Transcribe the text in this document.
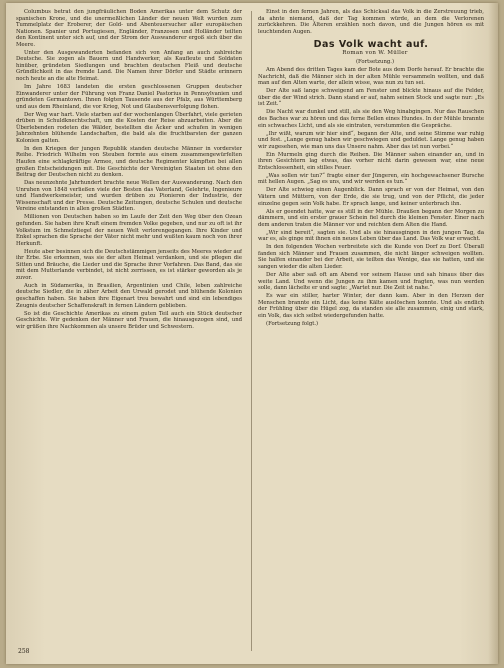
Columbus betrat den jungfräulichen Boden Amerikas unter dem Schutz der spanischen Krone, und die unermeßlichen Länder der neuen Welt wurden zum Tummelplatz der Eroberer, der Gold- und Abenteuersucher aller europäischen Nationen. Spanier und Portugiesen, Engländer, Franzosen und Holländer teilten den Kontinent unter sich auf, und der Strom der Auswanderer ergoß sich über die Meere.

Unter den Ausgewanderten befanden sich von Anfang an auch zahlreiche Deutsche. Sie zogen als Bauern und Handwerker, als Kaufleute und Soldaten hinüber, gründeten Siedlungen und brachten deutschen Fleiß und deutsche Gründlichkeit in das fremde Land. Die Namen ihrer Dörfer und Städte erinnern noch heute an die alte Heimat.

Im Jahre 1683 landeten die ersten geschlossenen Gruppen deutscher Einwanderer unter der Führung von Franz Daniel Pastorius in Pennsylvanien und gründeten Germantown. Ihnen folgten Tausende aus der Pfalz, aus Württemberg und aus dem Rheinland, die vor Krieg, Not und Glaubensverfolgung flohen.

Der Weg war hart. Viele starben auf der wochenlangen Überfahrt, viele gerieten drüben in Schuldknechtschaft, um die Kosten der Reise abzuarbeiten. Aber die Überlebenden rodeten die Wälder, bestellten die Äcker und schufen in wenigen Jahrzehnten blühende Landschaften, die bald als die fruchtbarsten der ganzen Kolonien galten.

In den Kriegen der jungen Republik standen deutsche Männer in vorderster Reihe. Friedrich Wilhelm von Steuben formte aus einem zusammengewürfelten Haufen eine schlagkräftige Armee, und deutsche Regimenter kämpften bei allen großen Entscheidungen mit. Die Geschichte der Vereinigten Staaten ist ohne den Beitrag der Deutschen nicht zu denken.

Das neunzehnte Jahrhundert brachte neue Wellen der Auswanderung. Nach den Unruhen von 1848 verließen viele der Besten das Vaterland, Gelehrte, Ingenieure und Handwerksmeister, und wurden drüben zu Pionieren der Industrie, der Wissenschaft und der Presse. Deutsche Zeitungen, deutsche Schulen und deutsche Vereine entstanden in allen großen Städten.

Millionen von Deutschen haben so im Laufe der Zeit den Weg über den Ozean gefunden. Sie haben ihre Kraft einem fremden Volke gegeben, und nur zu oft ist ihr Volkstum im Schmelztiegel der neuen Welt verlorengegangen. Ihre Kinder und Enkel sprachen die Sprache der Väter nicht mehr und wußten kaum noch von ihrer Herkunft.

Heute aber besinnen sich die Deutschstämmigen jenseits des Meeres wieder auf ihr Erbe. Sie erkennen, was sie der alten Heimat verdanken, und sie pflegen die Sitten und Bräuche, die Lieder und die Sprache ihrer Vorfahren. Das Band, das sie mit dem Mutterlande verbindet, ist nicht zerrissen, es ist stärker geworden als je zuvor.

Auch in Südamerika, in Brasilien, Argentinien und Chile, leben zahlreiche deutsche Siedler, die in zäher Arbeit den Urwald gerodet und blühende Kolonien geschaffen haben. Sie haben ihre Eigenart treu bewahrt und sind ein lebendiges Zeugnis deutscher Schaffenskraft in fernen Ländern geblieben.

So ist die Geschichte Amerikas zu einem guten Teil auch ein Stück deutscher Geschichte. Wir gedenken der Männer und Frauen, die hinausgezogen sind, und wir grüßen ihre Nachkommen als unsere Brüder und Schwestern.

Einst in den fernen Jahren, als das Schicksal das Volk in die Zerstreuung trieb, da ahnte niemand, daß der Tag kommen würde, an dem die Verlorenen zurückkehren. Die Älteren erzählen noch davon, und die Jungen hören es mit leuchtenden Augen.

Das Volk wacht auf.

Roman von W. Müller

(Fortsetzung.)

Am Abend des dritten Tages kam der Bote aus dem Dorfe herauf. Er brachte die Nachricht, daß die Männer sich in der alten Mühle versammeln wollten, und daß man auf den Alten warte, der allein wisse, was nun zu tun sei.

Der Alte saß lange schweigend am Fenster und blickte hinaus auf die Felder, über die der Wind strich. Dann stand er auf, nahm seinen Stock und sagte nur: „Es ist Zeit.“

Die Nacht war dunkel und still, als sie den Weg hinabgingen. Nur das Rauschen des Baches war zu hören und das ferne Bellen eines Hundes. In der Mühle brannte ein schwaches Licht, und als sie eintraten, verstummten die Gespräche.

„Ihr wißt, warum wir hier sind“, begann der Alte, und seine Stimme war ruhig und fest. „Lange genug haben wir geschwiegen und geduldet. Lange genug haben wir zugesehen, wie man uns das Unsere nahm. Aber das ist nun vorbei.“

Ein Murmeln ging durch die Reihen. Die Männer sahen einander an, und in ihren Gesichtern lag etwas, das vorher nicht darin gewesen war, eine neue Entschlossenheit, ein stilles Feuer.

„Was sollen wir tun?“ fragte einer der Jüngeren, ein hochgewachsener Bursche mit hellen Augen. „Sag es uns, und wir werden es tun.“

Der Alte schwieg einen Augenblick. Dann sprach er von der Heimat, von den Vätern und Müttern, von der Erde, die sie trug, und von der Pflicht, die jeder einzelne gegen sein Volk habe. Er sprach lange, und keiner unterbrach ihn.

Als er geendet hatte, war es still in der Mühle. Draußen begann der Morgen zu dämmern, und ein erster grauer Schein fiel durch die kleinen Fenster. Einer nach dem anderen traten die Männer vor und reichten dem Alten die Hand.

„Wir sind bereit“, sagten sie. Und als sie hinausgingen in den jungen Tag, da war es, als ginge mit ihnen ein neues Leben über das Land. Das Volk war erwacht.

In den folgenden Wochen verbreitete sich die Kunde von Dorf zu Dorf. Überall fanden sich Männer und Frauen zusammen, die nicht länger schweigen wollten. Sie halfen einander bei der Arbeit, sie teilten das Wenige, das sie hatten, und sie sangen wieder die alten Lieder.

Der Alte aber saß oft am Abend vor seinem Hause und sah hinaus über das weite Land. Und wenn die Jungen zu ihm kamen und fragten, was nun werden solle, dann lächelte er und sagte: „Wartet nur. Die Zeit ist nahe.“

Es war ein stiller, harter Winter, der dann kam. Aber in den Herzen der Menschen brannte ein Licht, das keine Kälte auslöschen konnte. Und als endlich der Frühling über die Hügel zog, da standen sie alle zusammen, einig und stark, ein Volk, das sich selbst wiedergefunden hatte.

(Fortsetzung folgt.)

258
